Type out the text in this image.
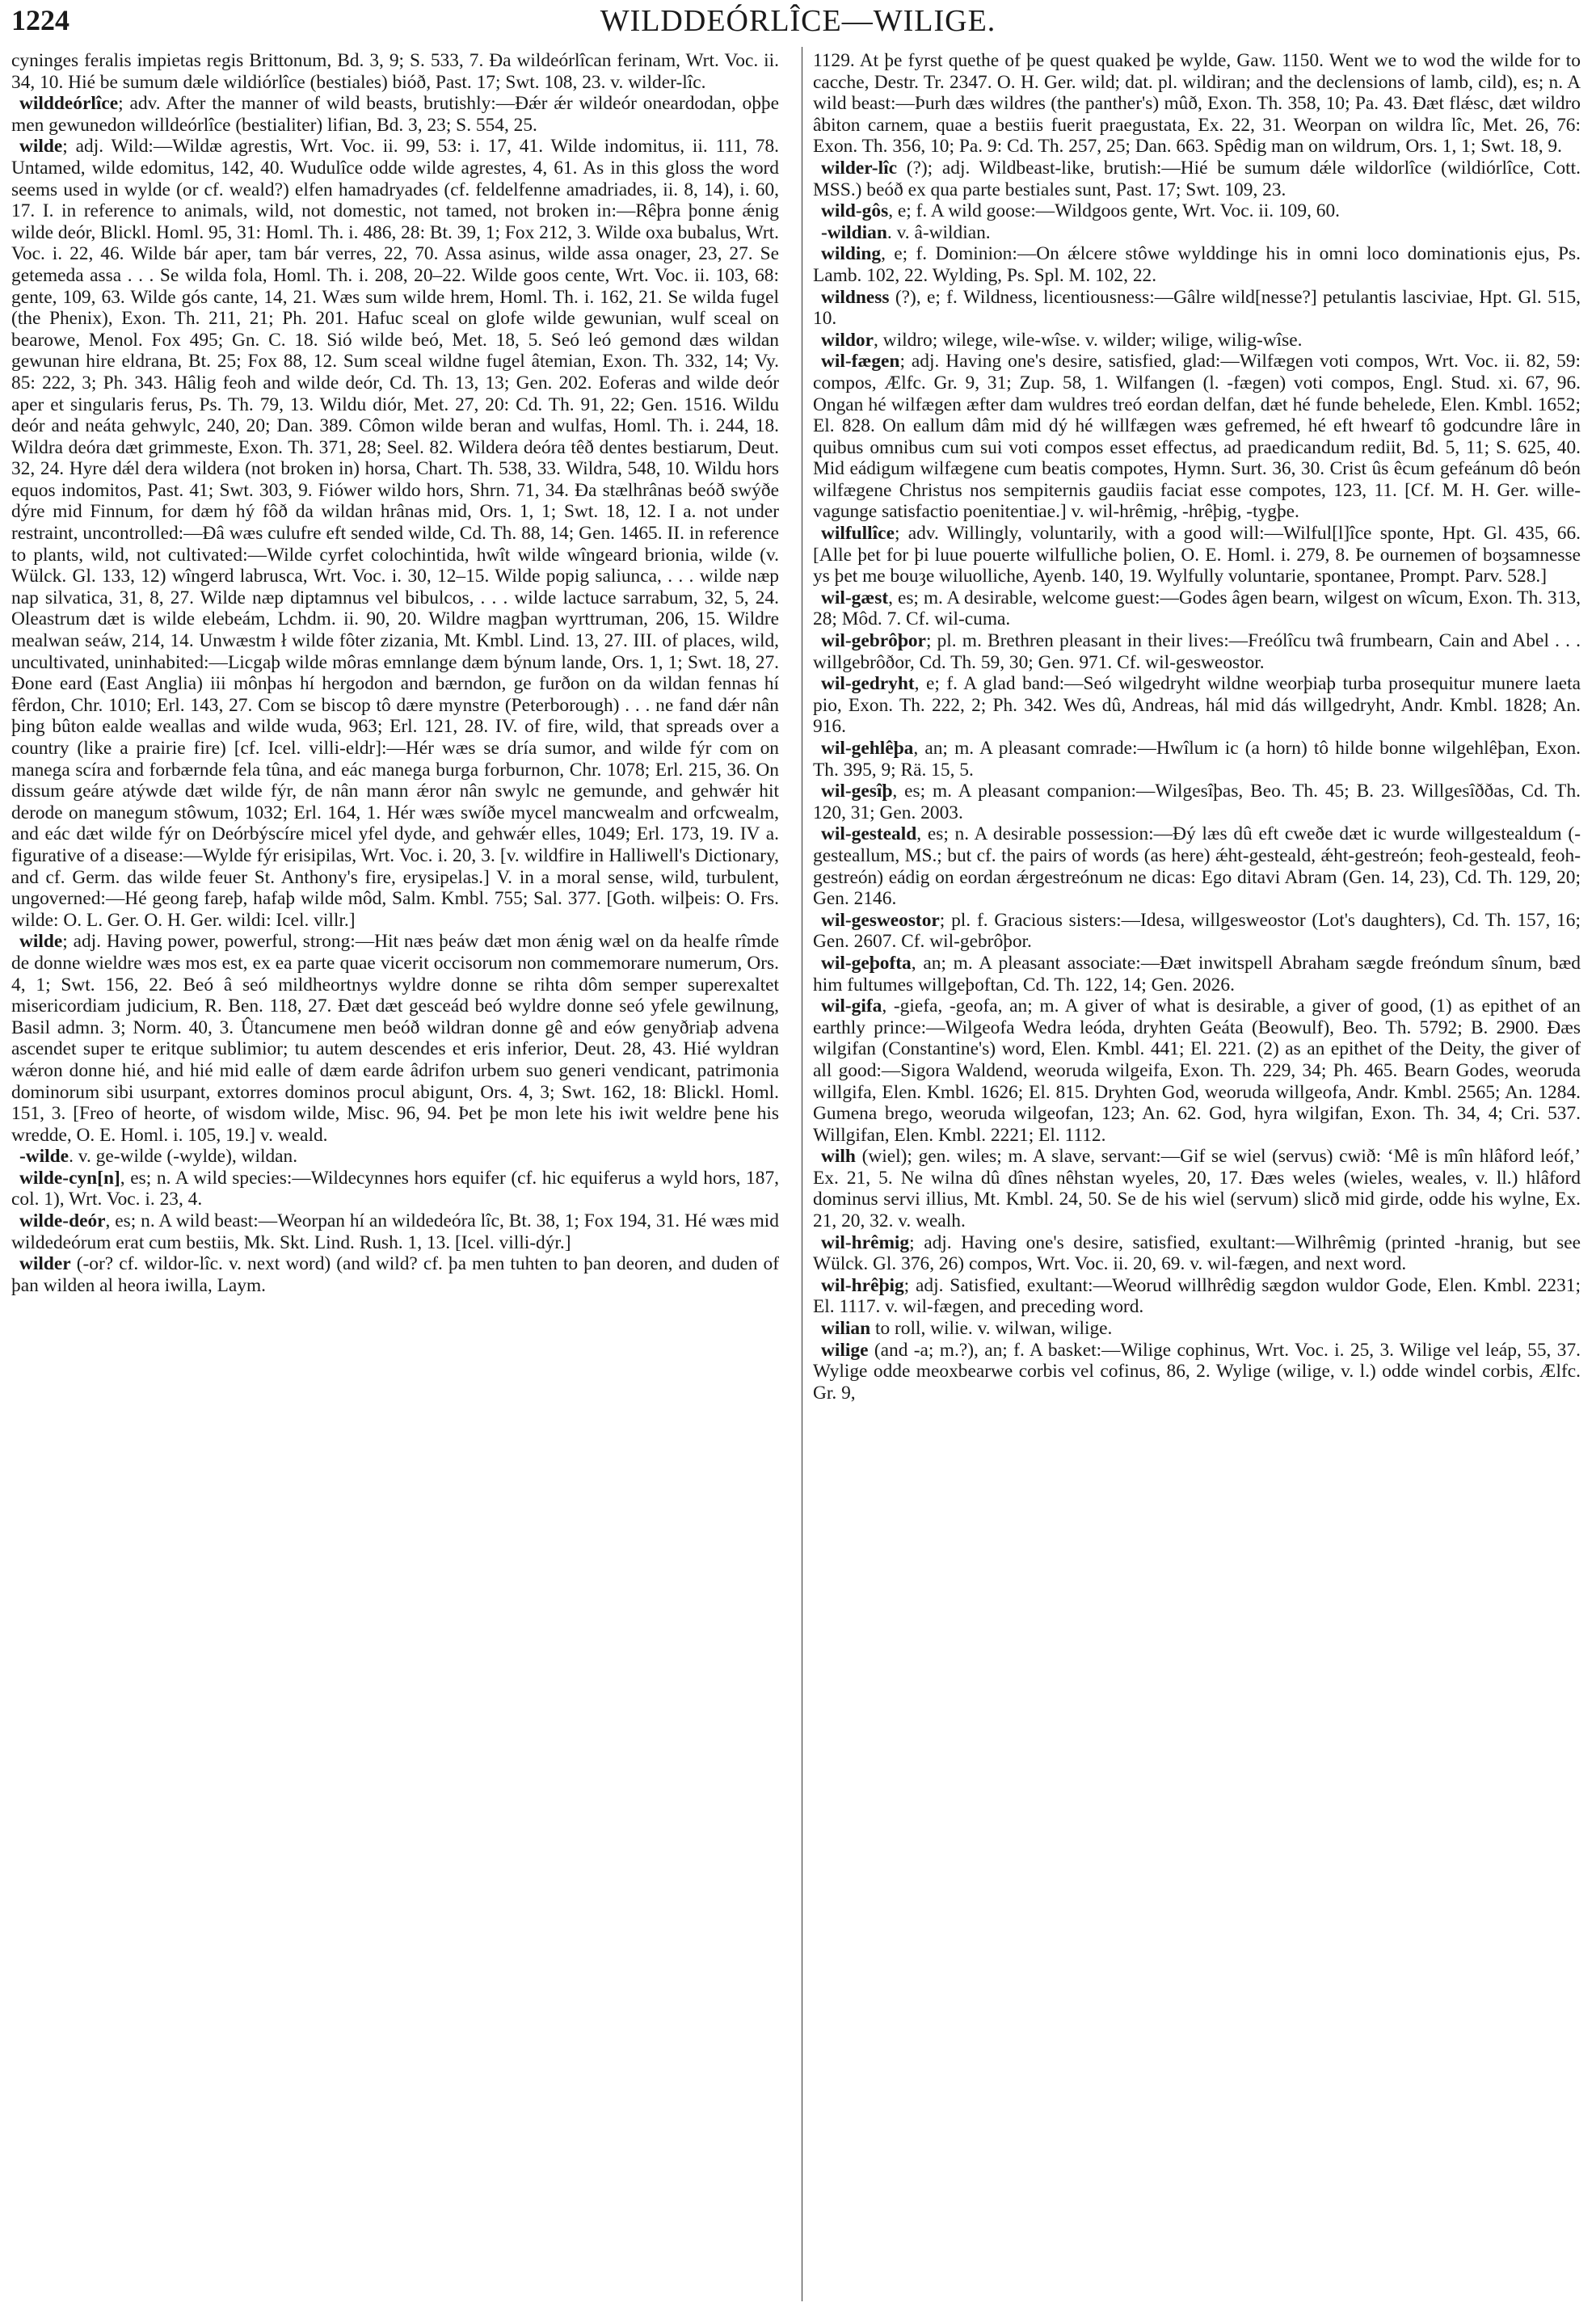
1224	WILDDEÓRLÎCE—WILIGE.

cyninges feralis impietas regis Brittonum, Bd. 3, 9; S. 533, 7. Ða wildeórlîcan ferinam, Wrt. Voc. ii. 34, 10. Hié be sumum dæle wildiórlîce (bestiales) bióð, Past. 17; Swt. 108, 23. v. wilder-lîc.

wilddeórlîce; adv. After the manner of wild beasts, brutishly:—Ðǽr ǽr wildeór oneardodan, oþþe men gewunedon willdeórlîce (bestialiter) lifian, Bd. 3, 23; S. 554, 25.

wilde; adj. Wild:—Wildæ agrestis, Wrt. Voc. ii. 99, 53: i. 17, 41. Wilde indomitus, ii. 111, 78. Untamed, wilde edomitus, 142, 40. Wudulîce odde wilde agrestes, 4, 61. As in this gloss the word seems used in wylde (or cf. weald?) elfen hamadryades (cf. feldelfenne amadriades, ii. 8, 14), i. 60, 17. I. in reference to animals, wild, not domestic, not tamed, not broken in:—Rêþra þonne ǽnig wilde deór, Blickl. Homl. 95, 31: Homl. Th. i. 486, 28: Bt. 39, 1; Fox 212, 3. Wilde oxa bubalus, Wrt. Voc. i. 22, 46. Wilde bár aper, tam bár verres, 22, 70. Assa asinus, wilde assa onager, 23, 27. Se getemeda assa . . . Se wilda fola, Homl. Th. i. 208, 20–22. Wilde goos cente, Wrt. Voc. ii. 103, 68: gente, 109, 63. Wilde gós cante, 14, 21. Wæs sum wilde hrem, Homl. Th. i. 162, 21. Se wilda fugel (the Phenix), Exon. Th. 211, 21; Ph. 201. Hafuc sceal on glofe wilde gewunian, wulf sceal on bearowe, Menol. Fox 495; Gn. C. 18. Sió wilde beó, Met. 18, 5. Seó leó gemond dæs wildan gewunan hire eldrana, Bt. 25; Fox 88, 12. Sum sceal wildne fugel âtemian, Exon. Th. 332, 14; Vy. 85: 222, 3; Ph. 343. Hâlig feoh and wilde deór, Cd. Th. 13, 13; Gen. 202. Eoferas and wilde deór aper et singularis ferus, Ps. Th. 79, 13. Wildu diór, Met. 27, 20: Cd. Th. 91, 22; Gen. 1516. Wildu deór and neáta gehwylc, 240, 20; Dan. 389. Cômon wilde beran and wulfas, Homl. Th. i. 244, 18. Wildra deóra dæt grimmeste, Exon. Th. 371, 28; Seel. 82. Wildera deóra têð dentes bestiarum, Deut. 32, 24. Hyre dǽl dera wildera (not broken in) horsa, Chart. Th. 538, 33. Wildra, 548, 10. Wildu hors equos indomitos, Past. 41; Swt. 303, 9. Fiówer wildo hors, Shrn. 71, 34. Ða stælhrânas beóð swýðe dýre mid Finnum, for dæm hý fôð da wildan hrânas mid, Ors. 1, 1; Swt. 18, 12. I a. not under restraint, uncontrolled:—Ðâ wæs culufre eft sended wilde, Cd. Th. 88, 14; Gen. 1465. II. in reference to plants, wild, not cultivated:—Wilde cyrfet colochintida, hwît wilde wîngeard brionia, wilde (v. Wülck. Gl. 133, 12) wîngerd labrusca, Wrt. Voc. i. 30, 12–15. Wilde popig saliunca, . . . wilde næp nap silvatica, 31, 8, 27. Wilde næp diptamnus vel bibulcos, . . . wilde lactuce sarrabum, 32, 5, 24. Oleastrum dæt is wilde elebeám, Lchdm. ii. 90, 20. Wildre magþan wyrttruman, 206, 15. Wildre mealwan seáw, 214, 14. Unwæstm ł wilde fôter zizania, Mt. Kmbl. Lind. 13, 27. III. of places, wild, uncultivated, uninhabited:—Licgaþ wilde môras emnlange dæm býnum lande, Ors. 1, 1; Swt. 18, 27. Ðone eard (East Anglia) iii mônþas hí hergodon and bærndon, ge furðon on da wildan fennas hí fêrdon, Chr. 1010; Erl. 143, 27. Com se biscop tô dære mynstre (Peterborough) . . . ne fand dǽr nân þing bûton ealde weallas and wilde wuda, 963; Erl. 121, 28. IV. of fire, wild, that spreads over a country (like a prairie fire) [cf. Icel. villi-eldr]:—Hér wæs se dría sumor, and wilde fýr com on manega scíra and forbærnde fela tûna, and eác manega burga forburnon, Chr. 1078; Erl. 215, 36. On dissum geáre atýwde dæt wilde fýr, de nân mann ǽror nân swylc ne gemunde, and gehwǽr hit derode on manegum stôwum, 1032; Erl. 164, 1. Hér wæs swíðe mycel mancwealm and orfcwealm, and eác dæt wilde fýr on Deórbýscíre micel yfel dyde, and gehwǽr elles, 1049; Erl. 173, 19. IV a. figurative of a disease:—Wylde fýr erisipilas, Wrt. Voc. i. 20, 3. [v. wildfire in Halliwell's Dictionary, and cf. Germ. das wilde feuer St. Anthony's fire, erysipelas.] V. in a moral sense, wild, turbulent, ungoverned:—Hé geong fareþ, hafaþ wilde môd, Salm. Kmbl. 755; Sal. 377. [Goth. wilþeis: O. Frs. wilde: O. L. Ger. O. H. Ger. wildi: Icel. villr.]

wilde; adj. Having power, powerful, strong:—Hit næs þeáw dæt mon ǽnig wæl on da healfe rîmde de donne wieldre wæs mos est, ex ea parte quae vicerit occisorum non commemorare numerum, Ors. 4, 1; Swt. 156, 22. Beó â seó mildheortnys wyldre donne se rihta dôm semper superexaltet misericordiam judicium, R. Ben. 118, 27. Ðæt dæt gesceád beó wyldre donne seó yfele gewilnung, Basil admn. 3; Norm. 40, 3. Ûtancumene men beóð wildran donne gê and eów genyðriaþ advena ascendet super te eritque sublimior; tu autem descendes et eris inferior, Deut. 28, 43. Hié wyldran wǽron donne hié, and hié mid ealle of dæm earde âdrifon urbem suo generi vendicant, patrimonia dominorum sibi usurpant, extorres dominos procul abigunt, Ors. 4, 3; Swt. 162, 18: Blickl. Homl. 151, 3. [Freo of heorte, of wisdom wilde, Misc. 96, 94. Þet þe mon lete his iwit weldre þene his wredde, O. E. Homl. i. 105, 19.] v. weald.

-wilde. v. ge-wilde (-wylde), wildan.

wilde-cyn[n], es; n. A wild species:—Wildecynnes hors equifer (cf. hic equiferus a wyld hors, 187, col. 1), Wrt. Voc. i. 23, 4.

wilde-deór, es; n. A wild beast:—Weorpan hí an wildedeóra lîc, Bt. 38, 1; Fox 194, 31. Hé wæs mid wildedeórum erat cum bestiis, Mk. Skt. Lind. Rush. 1, 13. [Icel. villi-dýr.]

wilder (-or? cf. wildor-lîc. v. next word) (and wild? cf. þa men tuhten to þan deoren, and duden of þan wilden al heora iwilla, Laym.

1129. At þe fyrst quethe of þe quest quaked þe wylde, Gaw. 1150. Went we to wod the wilde for to cacche, Destr. Tr. 2347. O. H. Ger. wild; dat. pl. wildiran; and the declensions of lamb, cild), es; n. A wild beast:—Þurh dæs wildres (the panther's) mûð, Exon. Th. 358, 10; Pa. 43. Ðæt flǽsc, dæt wildro âbiton carnem, quae a bestiis fuerit praegustata, Ex. 22, 31. Weorpan on wildra lîc, Met. 26, 76: Exon. Th. 356, 10; Pa. 9: Cd. Th. 257, 25; Dan. 663. Spêdig man on wildrum, Ors. 1, 1; Swt. 18, 9.

wilder-lîc (?); adj. Wildbeast-like, brutish:—Hié be sumum dǽle wildorlîce (wildiórlîce, Cott. MSS.) beóð ex qua parte bestiales sunt, Past. 17; Swt. 109, 23.

wild-gôs, e; f. A wild goose:—Wildgoos gente, Wrt. Voc. ii. 109, 60.

-wildian. v. â-wildian.

wilding, e; f. Dominion:—On ǽlcere stôwe wylddinge his in omni loco dominationis ejus, Ps. Lamb. 102, 22. Wylding, Ps. Spl. M. 102, 22.

wildness (?), e; f. Wildness, licentiousness:—Gâlre wild[nesse?] petulantis lasciviae, Hpt. Gl. 515, 10.

wildor, wildro; wilege, wile-wîse. v. wilder; wilige, wilig-wîse.

wil-fægen; adj. Having one's desire, satisfied, glad:—Wilfægen voti compos, Wrt. Voc. ii. 82, 59: compos, Ælfc. Gr. 9, 31; Zup. 58, 1. Wilfangen (l. -fægen) voti compos, Engl. Stud. xi. 67, 96. Ongan hé wilfægen æfter dam wuldres treó eordan delfan, dæt hé funde behelede, Elen. Kmbl. 1652; El. 828. On eallum dâm mid dý hé willfægen wæs gefremed, hé eft hwearf tô godcundre lâre in quibus omnibus cum sui voti compos esset effectus, ad praedicandum rediit, Bd. 5, 11; S. 625, 40. Mid eádigum wilfægene cum beatis compotes, Hymn. Surt. 36, 30. Crist ûs êcum gefeánum dô beón wilfægene Christus nos sempiternis gaudiis faciat esse compotes, 123, 11. [Cf. M. H. Ger. wille-vagunge satisfactio poenitentiae.] v. wil-hrêmig, -hrêþig, -tygþe.

wilfullîce; adv. Willingly, voluntarily, with a good will:—Wilful[l]îce sponte, Hpt. Gl. 435, 66. [Alle þet for þi luue pouerte wilfulliche þolien, O. E. Homl. i. 279, 8. Þe ournemen of boȝsamnesse ys þet me bouȝe wiluolliche, Ayenb. 140, 19. Wylfully voluntarie, spontanee, Prompt. Parv. 528.]

wil-gæst, es; m. A desirable, welcome guest:—Godes âgen bearn, wilgest on wîcum, Exon. Th. 313, 28; Môd. 7. Cf. wil-cuma.

wil-gebrôþor; pl. m. Brethren pleasant in their lives:—Freólîcu twâ frumbearn, Cain and Abel . . . willgebrôðor, Cd. Th. 59, 30; Gen. 971. Cf. wil-gesweostor.

wil-gedryht, e; f. A glad band:—Seó wilgedryht wildne weorþiaþ turba prosequitur munere laeta pio, Exon. Th. 222, 2; Ph. 342. Wes dû, Andreas, hál mid dás willgedryht, Andr. Kmbl. 1828; An. 916.

wil-gehlêþa, an; m. A pleasant comrade:—Hwîlum ic (a horn) tô hilde bonne wilgehlêþan, Exon. Th. 395, 9; Rä. 15, 5.

wil-gesîþ, es; m. A pleasant companion:—Wilgesîþas, Beo. Th. 45; B. 23. Willgesîððas, Cd. Th. 120, 31; Gen. 2003.

wil-gesteald, es; n. A desirable possession:—Ðý læs dû eft cweðe dæt ic wurde willgestealdum (-gesteallum, MS.; but cf. the pairs of words (as here) ǽht-gesteald, ǽht-gestreón; feoh-gesteald, feoh-gestreón) eádig on eordan ǽrgestreónum ne dicas: Ego ditavi Abram (Gen. 14, 23), Cd. Th. 129, 20; Gen. 2146.

wil-gesweostor; pl. f. Gracious sisters:—Idesa, willgesweostor (Lot's daughters), Cd. Th. 157, 16; Gen. 2607. Cf. wil-gebrôþor.

wil-geþofta, an; m. A pleasant associate:—Ðæt inwitspell Abraham sægde freóndum sînum, bæd him fultumes willgeþoftan, Cd. Th. 122, 14; Gen. 2026.

wil-gifa, -giefa, -geofa, an; m. A giver of what is desirable, a giver of good, (1) as epithet of an earthly prince:—Wilgeofa Wedra leóda, dryhten Geáta (Beowulf), Beo. Th. 5792; B. 2900. Ðæs wilgifan (Constantine's) word, Elen. Kmbl. 441; El. 221. (2) as an epithet of the Deity, the giver of all good:—Sigora Waldend, weoruda wilgeifa, Exon. Th. 229, 34; Ph. 465. Bearn Godes, weoruda willgifa, Elen. Kmbl. 1626; El. 815. Dryhten God, weoruda willgeofa, Andr. Kmbl. 2565; An. 1284. Gumena brego, weoruda wilgeofan, 123; An. 62. God, hyra wilgifan, Exon. Th. 34, 4; Cri. 537. Willgifan, Elen. Kmbl. 2221; El. 1112.

wilh (wiel); gen. wiles; m. A slave, servant:—Gif se wiel (servus) cwið: ‘Mê is mîn hlâford leóf,’ Ex. 21, 5. Ne wilna dû dînes nêhstan wyeles, 20, 17. Ðæs weles (wieles, weales, v. ll.) hlâford dominus servi illius, Mt. Kmbl. 24, 50. Se de his wiel (servum) slicð mid girde, odde his wylne, Ex. 21, 20, 32. v. wealh.

wil-hrêmig; adj. Having one's desire, satisfied, exultant:—Wilhrêmig (printed -hranig, but see Wülck. Gl. 376, 26) compos, Wrt. Voc. ii. 20, 69. v. wil-fægen, and next word.

wil-hrêþig; adj. Satisfied, exultant:—Weorud willhrêdig sægdon wuldor Gode, Elen. Kmbl. 2231; El. 1117. v. wil-fægen, and preceding word.

wilian to roll, wilie. v. wilwan, wilige.

wilige (and -a; m.?), an; f. A basket:—Wilige cophinus, Wrt. Voc. i. 25, 3. Wilige vel leáp, 55, 37. Wylige odde meoxbearwe corbis vel cofinus, 86, 2. Wylige (wilige, v. l.) odde windel corbis, Ælfc. Gr. 9,
